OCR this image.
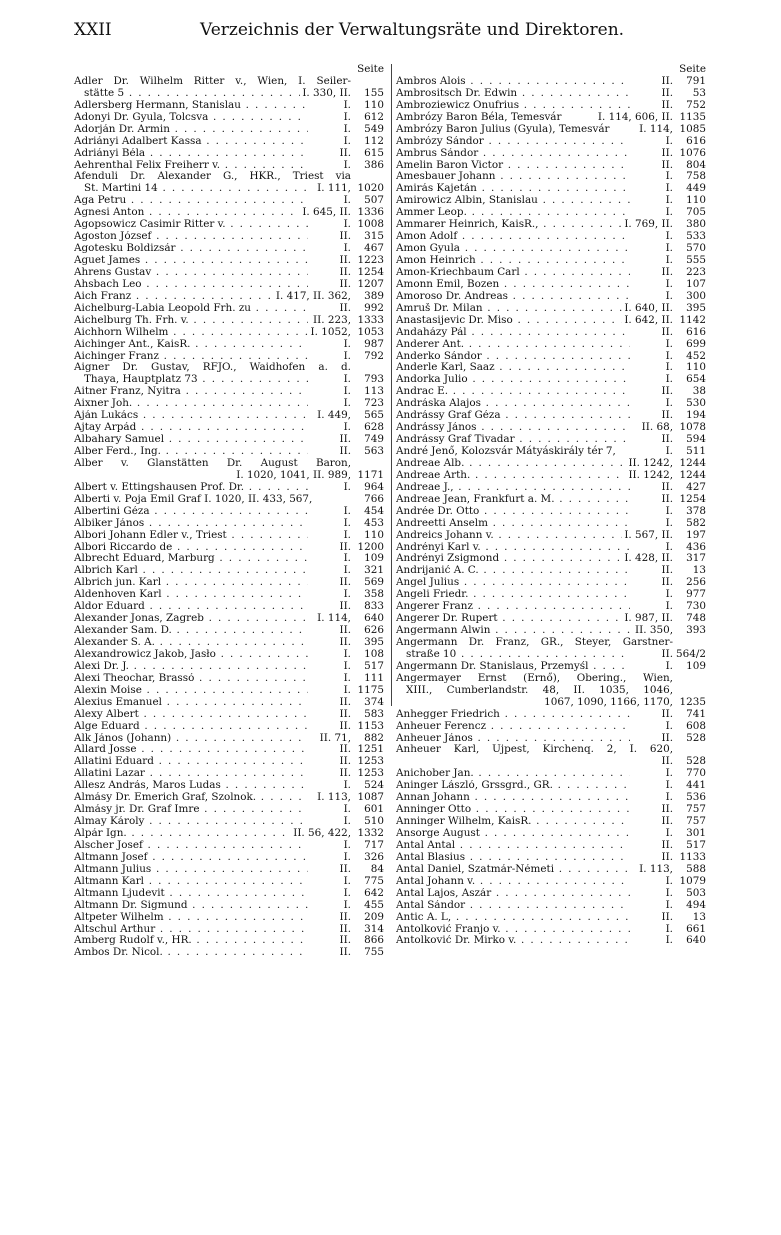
XXII	Verzeichnis der Verwaltungsräte und Direktoren.
Seite
Adler Dr. Wilhelm Ritter v., Wien, I. Seiler-
stätte 5 . . .	I. 330, II.	155
Adlersberg Hermann, Stanislau . . .	I.	110
Adonyi Dr. Gyula, Tolcsva . . .	I.	612
Adorján Dr. Ármin . . .	I.	549
Adriányi Adalbert Kassa . . .	I.	112
Adriányi Béla . . .	II.	615
Aehrenthal Felix Freiherr v. . . .	I.	386
Afenduli Dr. Alexander G., HKR., Triest via
St. Martini 14 . . .	I. 111, 1020
Aga Petru . . .	I.	507
Agnesi Anton . . .	I. 645, II. 1336
Agopsowicz Casimir Ritter v. . . .	I. 1008
Agoston József . . .	II.	315
Agotesku Boldizsár . . .	I.	467
Aguet James . . .	II. 1223
Ahrens Gustav . . .	II. 1254
Ahsbach Leo . . .	II. 1207
Aich Franz . . .	I. 417, II. 362,	389
Aichelburg-Labia Leopold Frh. zu . . .	II.	992
Aichelburg Th. Frh. v. . . .	II. 223, 1333
Aichhorn Wilhelm . . .	I. 1052, 1053
Aichinger Ant., KaisR. . . .	I.	987
Aichinger Franz . . .	I.	792
Aigner Dr. Gustav, RFJO., Waidhofen a. d.
Thaya, Hauptplatz 73 . . .	I.	793
Aitner Franz, Nyitra . . .	I.	113
Aixner Joh. . . .	I.	723
Aján Lukács . . .	I. 449,	565
Ajtay Árpád . . .	I.	628
Albahary Samuel . . .	II.	749
Alber Ferd., Ing. . . .	II.	563
Alber v. Glanstätten Dr. August Baron,
I. 1020, 1041, II. 989, 1171
Albert v. Ettingshausen Prof. Dr. . . .	I.	964
Alberti v. Poja Emil Graf I. 1020, II. 433, 567,	766
Albertini Géza . . .	I.	454
Albiker János . . .	I.	453
Albori Johann Edler v., Triest . . .	I.	110
Albori Riccardo de . . .	II. 1200
Albrecht Eduard, Marburg . . .	I.	109
Albrich Karl . . .	I.	321
Albrich jun. Karl . . .	II.	569
Aldenhoven Karl . . .	I.	358
Aldor Eduard . . .	II.	833
Alexander Jonas, Zagreb . . .	I. 114,	640
Alexander Sam. D. . . .	II.	626
Alexander S. A. . . .	II.	395
Alexandrowicz Jakob, Jasło . . .	I.	108
Alexi Dr. J. . . .	I.	517
Alexi Theochar, Brassó . . .	I.	111
Alexin Moise . . .	I. 1175
Alexius Emanuel . . .	II.	374
Alexy Albert . . .	II.	583
Alge Eduard . . .	II. 1153
Alk János (Johann) . . .	II. 71,	882
Allard Josse . . .	II. 1251
Allatini Eduard . . .	II. 1253
Allatini Lazar . . .	II. 1253
Allesz András, Maros Ludas . . .	I.	524
Almásy Dr. Emerich Graf, Szolnok. . . .	I. 113, 1087
Almásy jr. Dr. Graf Imre . . .	I.	601
Almay Károly . . .	I.	510
Alpár Ign. . . .	II. 56, 422, 1332
Alscher Josef . . .	I.	717
Altmann Josef . . .	I.	326
Altmann Julius . . .	II.	84
Altmann Karl . . .	I.	775
Altmann Ljudevit . . .	I.	642
Altmann Dr. Sigmund . . .	I.	455
Altpeter Wilhelm . . .	II.	209
Altschul Arthur . . .	II.	314
Amberg Rudolf v., HR. . . .	II.	866
Ambos Dr. Nicol. . . .	II.	755
Seite
Ambros Alois . . .	II.	791
Ambrositsch Dr. Edwin . . .	II.	53
Ambroziewicz Onufrius . . .	II.	752
Ambrózy Baron Béla, Temesvár	I. 114, 606, II. 1135
Ambrózy Baron Julius (Gyula), Temesvár	I. 114, 1085
Ambrózy Sándor . . .	I.	616
Ambrus Sándor . . .	II. 1076
Amelin Baron Victor . . .	II.	804
Amesbauer Johann . . .	I.	758
Amirás Kajetán . . .	I.	449
Amirowicz Albin, Stanislau . . .	I.	110
Ammer Leop. . . .	I.	705
Ammarer Heinrich, KaisR., . . .	I. 769, II.	380
Ámon Adolf . . .	I.	533
Amon Gyula . . .	I.	570
Amon Heinrich . . .	I.	555
Amon-Kriechbaum Carl . . .	II.	223
Amonn Emil, Bozen . . .	I.	107
Amoroso Dr. Andreas . . .	I.	300
Amruš Dr. Milan . . .	I. 640, II.	395
Anastasijevic Dr. Miso . . .	I. 642, II. 1142
Andaházy Pál . . .	II.	616
Anderer Ant. . . .	I.	699
Anderko Sándor . . .	I.	452
Anderle Karl, Saaz . . .	I.	110
Andorka Julio . . .	I.	654
Andrac E. . . .	II.	38
Andráska Alajos . . .	I.	530
Andrássy Graf Géza . . .	II.	194
Andrássy János . . .	II. 68, 1078
Andrássy Graf Tivadar . . .	II.	594
André Jenő, Kolozsvár Mátyáskirály tér 7,	I.	511
Andreae Alb. . . .	II. 1242, 1244
Andreae Arth. . . .	II. 1242, 1244
Andreae J., . . .	II.	427
Andreae Jean, Frankfurt a. M. . . .	II. 1254
Andrée Dr. Otto . . .	I.	378
Andreetti Anselm . . .	I.	582
Andreics Johann v. . . .	I. 567, II.	197
Andrényi Karl v. . . .	I.	436
Andrényi Zsigmond . . .	I. 428, II.	317
Andrijanić A. C. . . .	II.	13
Angel Julius . . .	II.	256
Angeli Friedr. . . .	I.	977
Angerer Franz . . .	I.	730
Angerer Dr. Rupert . . .	I. 987, II.	748
Angermann Alwin . . .	II. 350,	393
Angermann Dr. Franz, GR., Steyer, Garstner-
straße 10 . . .	II. 564/2
Angermann Dr. Stanislaus, Przemyśl . . .	I.	109
Angermayer Ernst (Ernő), Obering., Wien,
XIII., Cumberlandstr. 48, II. 1035, 1046,
1067, 1090, 1166, 1170, 1235
Anhegger Friedrich . . .	II.	741
Anheuer Ferencz . . .	I.	608
Anheuer János . . .	II.	528
Anheuer Karl, Ujpest, Kirchenq. 2, I. 620,
II.	528
Anichober Jan. . . .	I.	770
Aninger László, Grssgrd., GR. . . .	I.	441
Annan Johann . . .	I.	536
Anninger Otto . . .	II.	757
Anninger Wilhelm, KaisR. . . .	II.	757
Ansorge August . . .	I.	301
Antal Antal . . .	II.	517
Antal Blasius . . .	II. 1133
Antal Daniel, Szatmár-Németi . . .	I. 113,	588
Antal Johann v. . . .	I. 1079
Antal Lajos, Ászár . . .	I.	503
Antal Sándor . . .	I.	494
Antic A. L, . . .	II.	13
Antolković Franjo v. . . .	I.	661
Antolković Dr. Mirko v. . . .	I.	640
